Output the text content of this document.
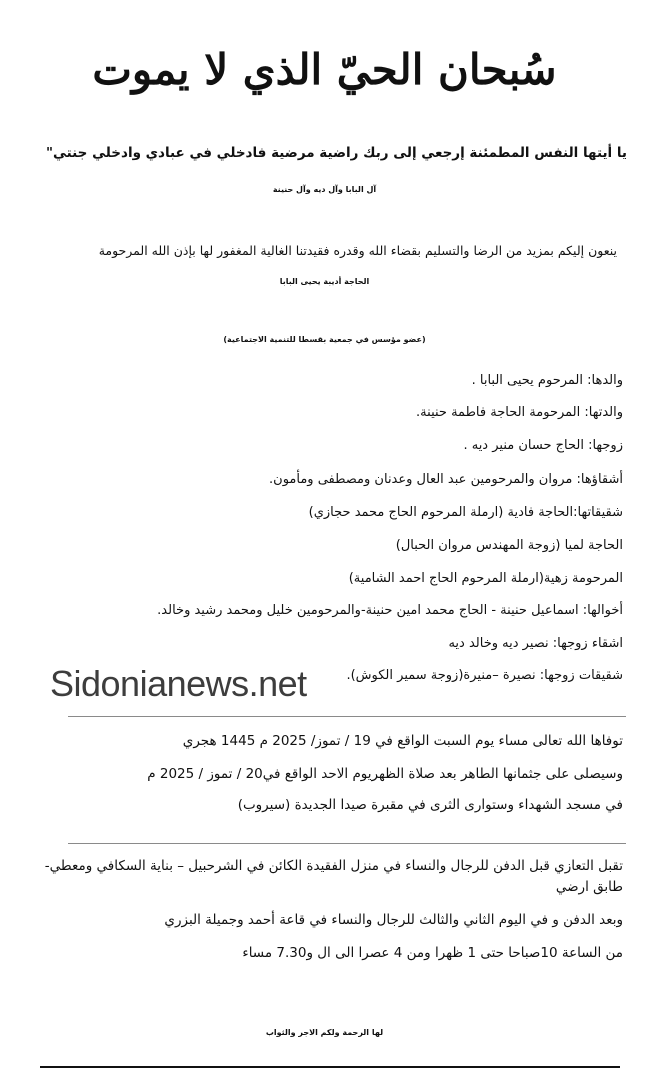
سُبحان الحيّ الذي لا يموت
يا أيتها النفس المطمئنة إرجعي إلى ربك راضية مرضية فادخلي في عبادي وادخلي جنتي"
آل البابا وآل ديه وآل حنينة
ينعون إليكم بمزيد من الرضا والتسليم بقضاء الله وقدره فقيدتنا الغالية المغفور لها بإذن الله المرحومة
الحاجة أديبة يحيى البابا
(عضو مؤسس في جمعية بقسطا للتنمية الاجتماعية)
والدها: المرحوم يحيى البابا .
والدتها: المرحومة الحاجة فاطمة حنينة.
زوجها: الحاج حسان منير ديه .
أشقاؤها: مروان والمرحومين عبد العال وعدنان ومصطفى ومأمون.
شقيقاتها:الحاجة فادية (ارملة المرحوم الحاج محمد حجازي)
الحاجة لميا (زوجة المهندس مروان الحبال)
المرحومة زهية(ارملة المرحوم الحاج احمد الشامية)
أخوالها: اسماعيل حنينة - الحاج محمد امين حنينة-والمرحومين خليل ومحمد رشيد وخالد.
اشقاء زوجها: نصير ديه وخالد ديه
شقيقات زوجها: نصيرة –منيرة(زوجة سمير الكوش).
Sidonianews.net
توفاها الله تعالى مساء يوم السبت الواقع في 19 / تموز/ 2025 م 1445 هجري
وسيصلى على جثمانها الطاهر بعد صلاة الظهريوم الاحد الواقع في20 / تموز / 2025 م
في مسجد الشهداء وستوارى الثرى في مقبرة صيدا الجديدة (سيروب)
تقبل التعازي قبل الدفن للرجال والنساء في منزل الفقيدة الكائن في الشرحبيل – بناية السكافي ومعطي-
طابق ارضي
وبعد الدفن و في اليوم الثاني والثالث للرجال والنساء في قاعة أحمد وجميلة البزري
من الساعة 10صباحا حتى 1 ظهرا ومن 4 عصرا الى ال و7.30 مساء
لها الرحمة ولكم الاجر والثواب
